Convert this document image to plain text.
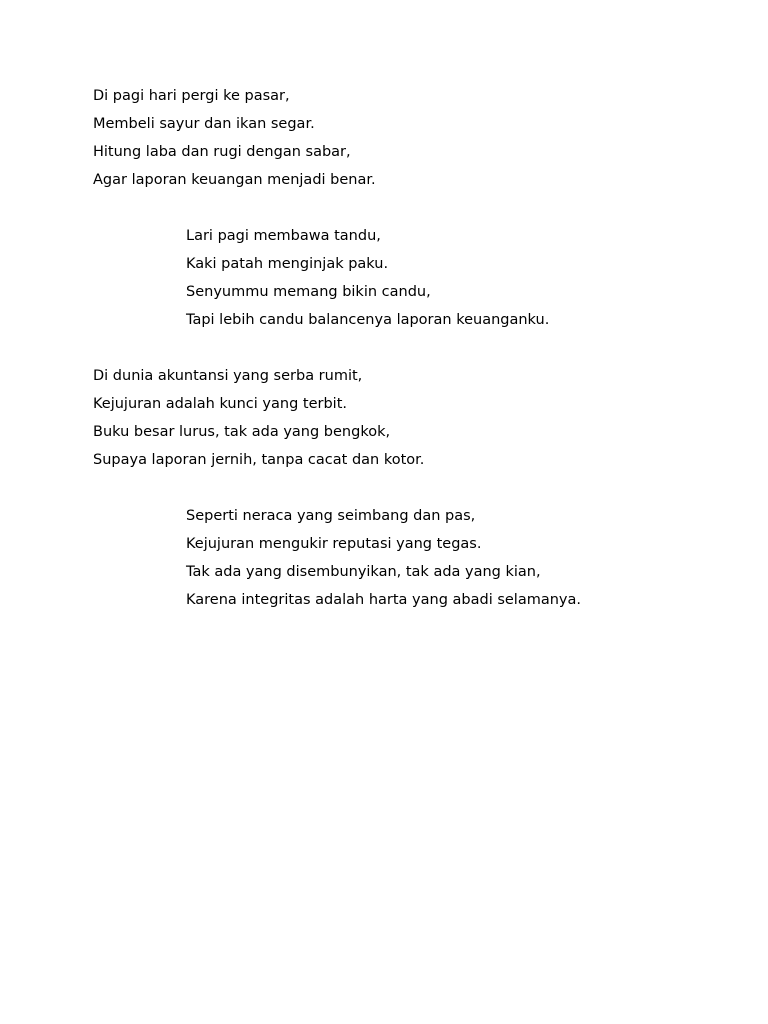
Di pagi hari pergi ke pasar,
Membeli sayur dan ikan segar.
Hitung laba dan rugi dengan sabar,
Agar laporan keuangan menjadi benar.
Lari pagi membawa tandu,
Kaki patah menginjak paku.
Senyummu memang bikin candu,
Tapi lebih candu balancenya laporan keuanganku.
Di dunia akuntansi yang serba rumit,
Kejujuran adalah kunci yang terbit.
Buku besar lurus, tak ada yang bengkok,
Supaya laporan jernih, tanpa cacat dan kotor.
Seperti neraca yang seimbang dan pas,
Kejujuran mengukir reputasi yang tegas.
Tak ada yang disembunyikan, tak ada yang kian,
Karena integritas adalah harta yang abadi selamanya.
